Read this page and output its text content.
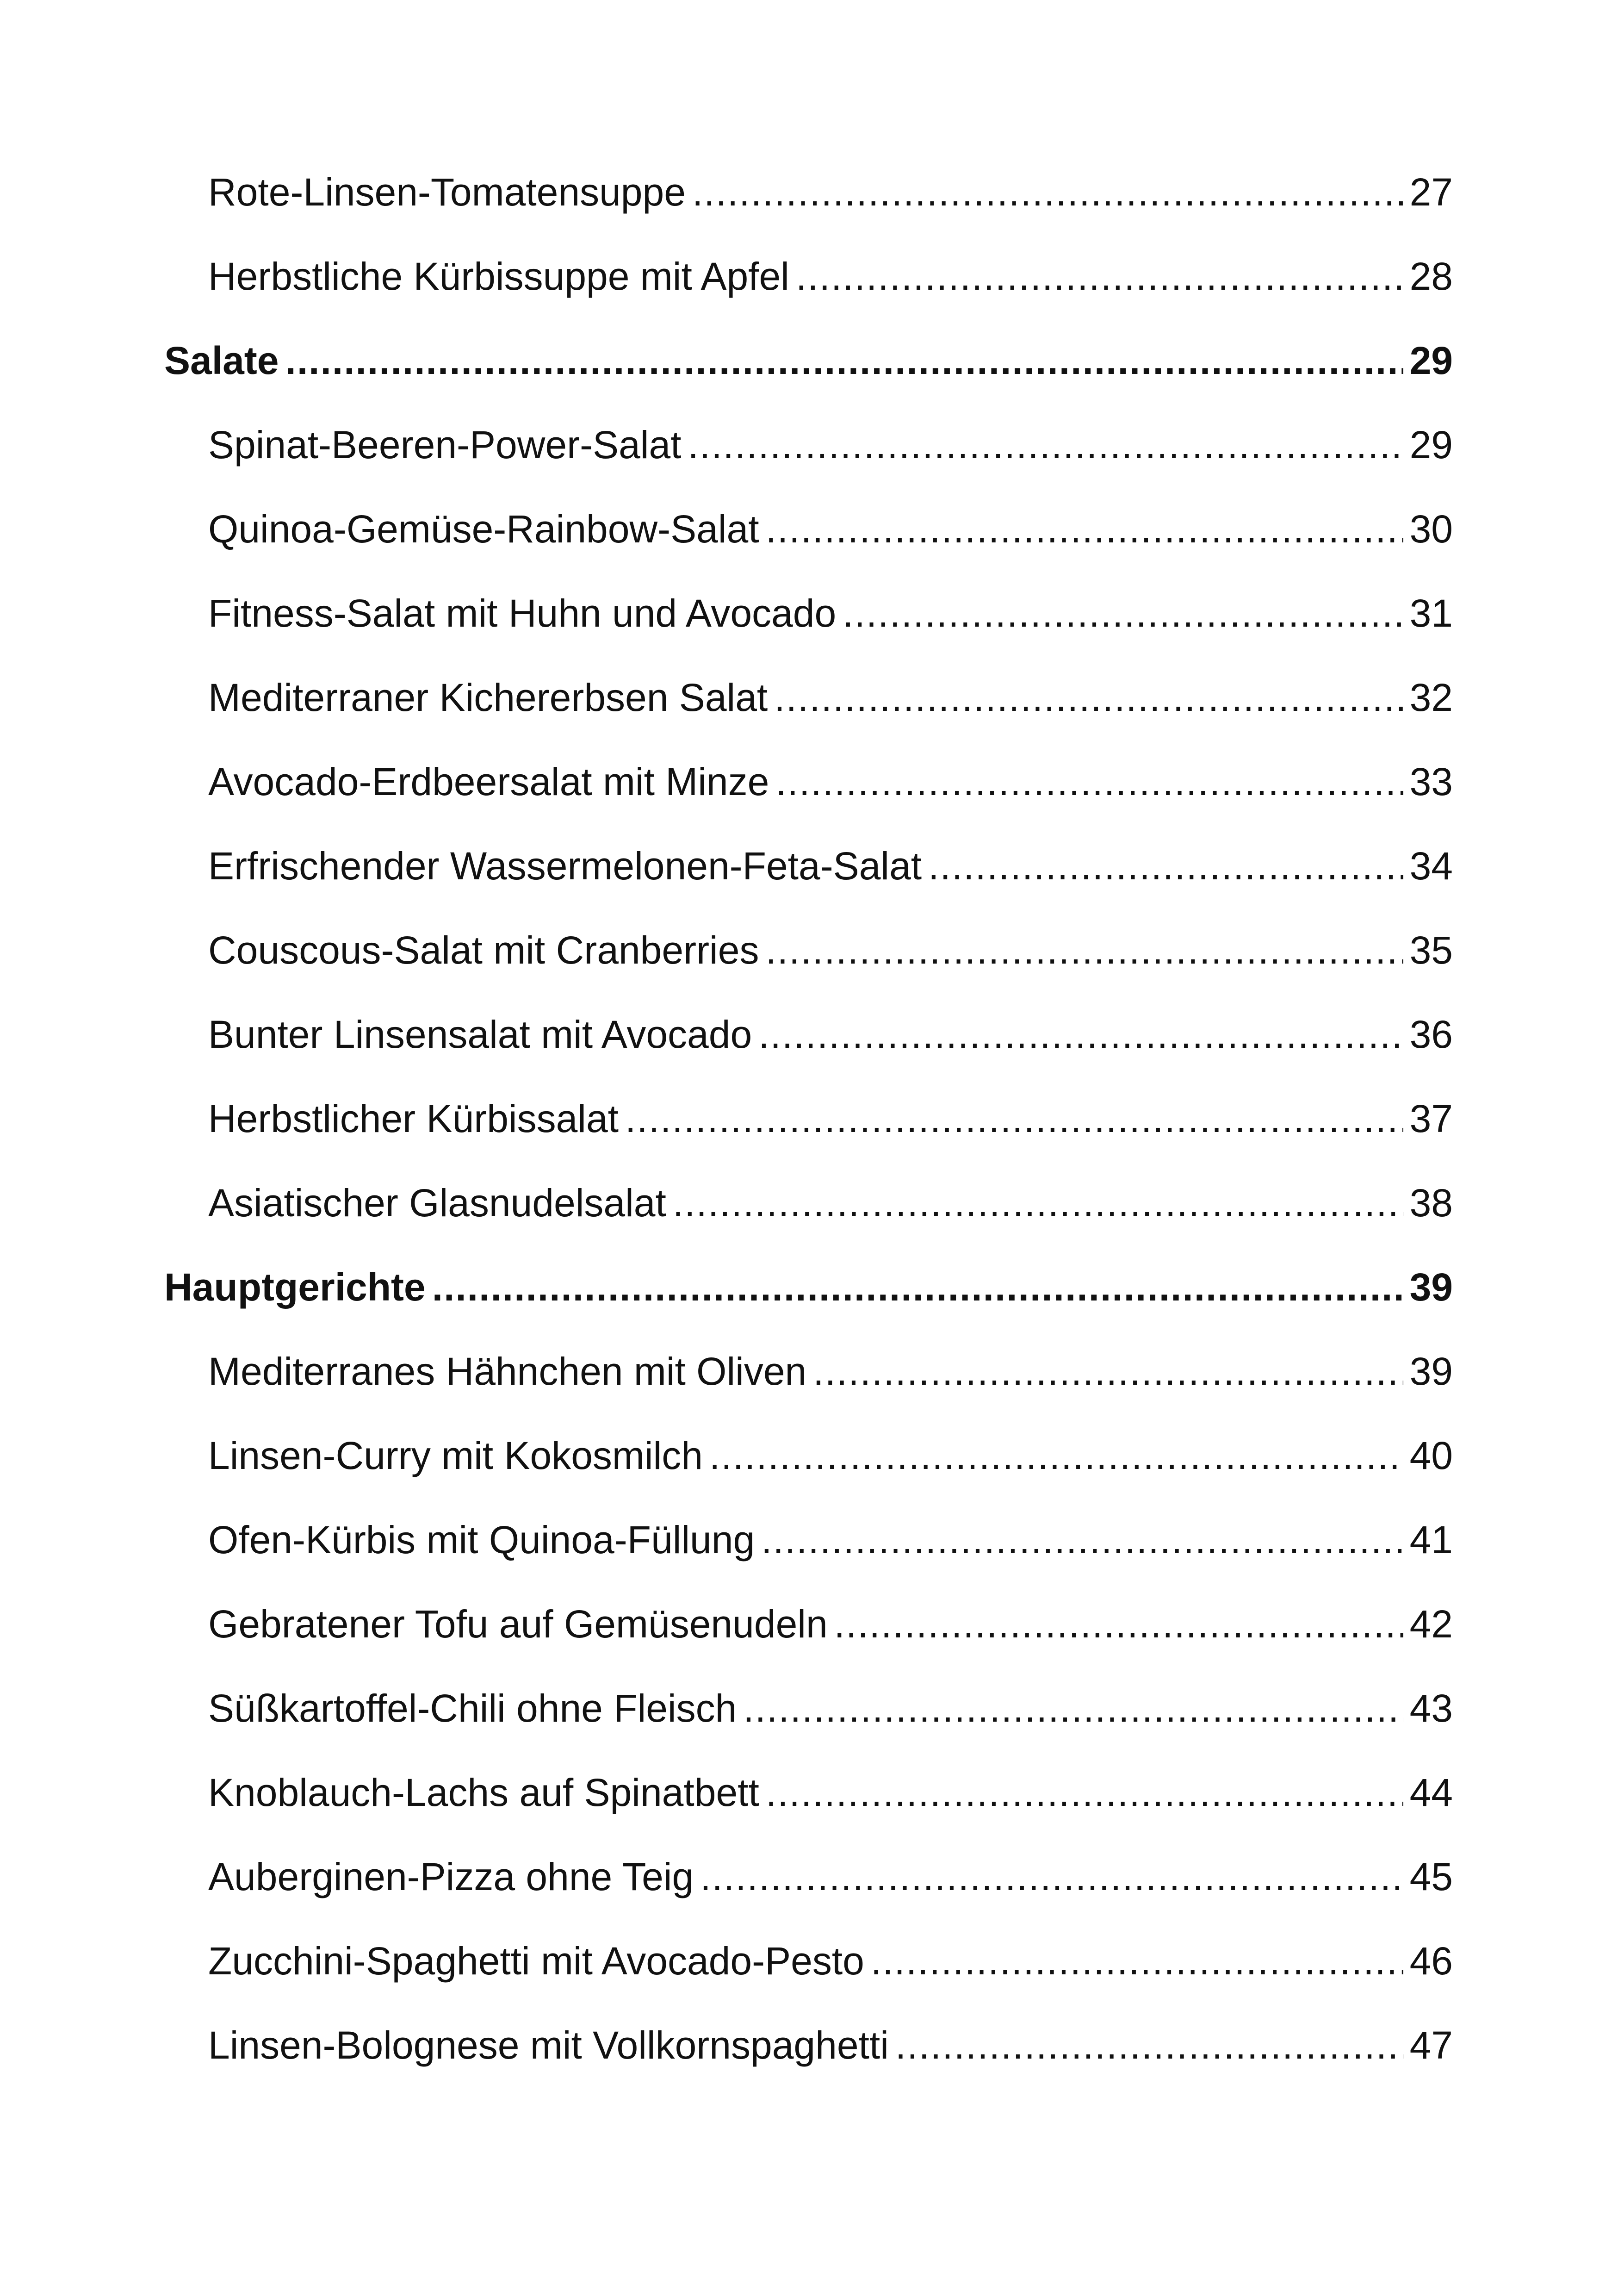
Rote-Linsen-Tomatensuppe .....	27
Herbstliche Kürbissuppe mit Apfel .....	28
Salate .....	29
Spinat-Beeren-Power-Salat .....	29
Quinoa-Gemüse-Rainbow-Salat .....	30
Fitness-Salat mit Huhn und Avocado .....	31
Mediterraner Kichererbsen Salat .....	32
Avocado-Erdbeersalat mit Minze .....	33
Erfrischender Wassermelonen-Feta-Salat .....	34
Couscous-Salat mit Cranberries .....	35
Bunter Linsensalat mit Avocado .....	36
Herbstlicher Kürbissalat .....	37
Asiatischer Glasnudelsalat .....	38
Hauptgerichte .....	39
Mediterranes Hähnchen mit Oliven .....	39
Linsen-Curry mit Kokosmilch .....	40
Ofen-Kürbis mit Quinoa-Füllung .....	41
Gebratener Tofu auf Gemüsenudeln .....	42
Süßkartoffel-Chili ohne Fleisch .....	43
Knoblauch-Lachs auf Spinatbett .....	44
Auberginen-Pizza ohne Teig .....	45
Zucchini-Spaghetti mit Avocado-Pesto .....	46
Linsen-Bolognese mit Vollkornspaghetti .....	47
